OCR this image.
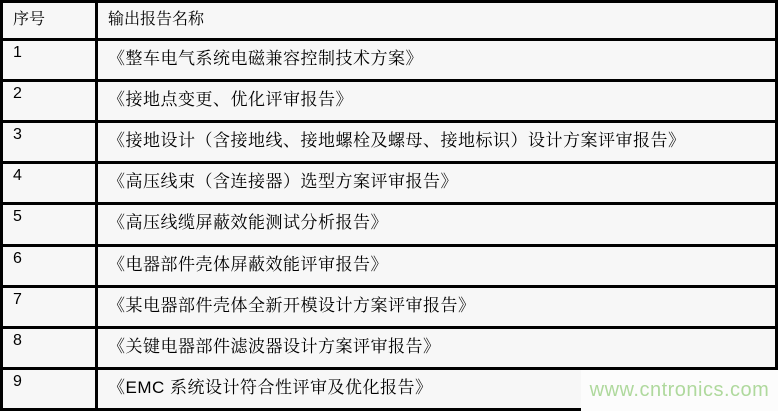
序号	输出报告名称
1	《整车电气系统电磁兼容控制技术方案》
2	《接地点变更、优化评审报告》
3	《接地设计（含接地线、接地螺栓及螺母、接地标识）设计方案评审报告》
4	《高压线束（含连接器）选型方案评审报告》
5	《高压线缆屏蔽效能测试分析报告》
6	《电器部件壳体屏蔽效能评审报告》
7	《某电器部件壳体全新开模设计方案评审报告》
8	《关键电器部件滤波器设计方案评审报告》
9	《EMC 系统设计符合性评审及优化报告》	www.cntronics.com
